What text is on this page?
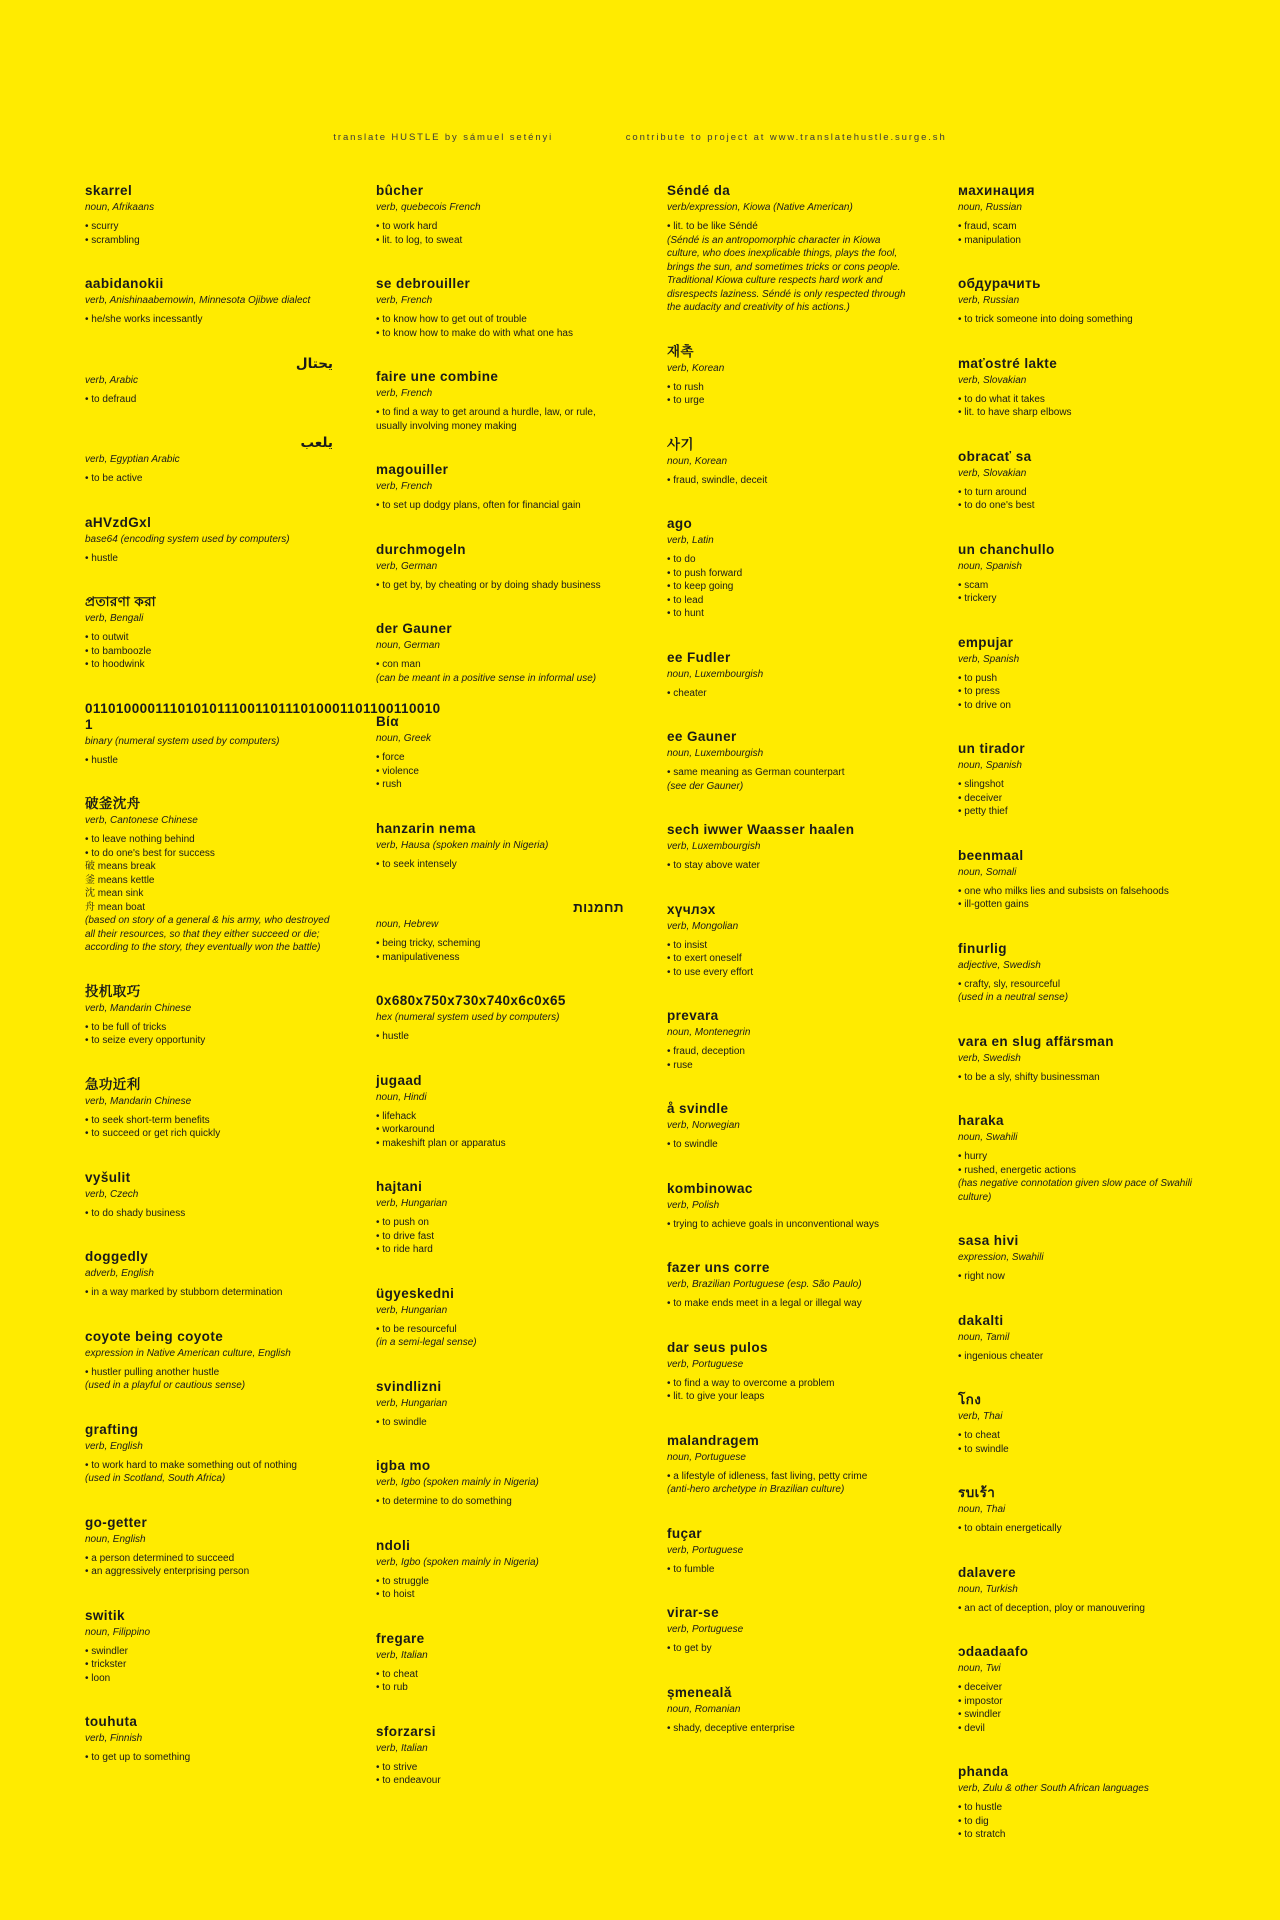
translate HUSTLE by sámuel setényi	contribute to project at www.translatehustle.surge.sh
skarrel
noun, Afrikaans
• scurry
• scrambling
aabidanokii
verb, Anishinaabemowin, Minnesota Ojibwe dialect
• he/she works incessantly
يحتال
verb, Arabic
• to defraud
يلعب
verb, Egyptian Arabic
• to be active
aHVzdGxl
base64 (encoding system used by computers)
• hustle
প্রতারণা করা
verb, Bengali
• to outwit
• to bamboozle
• to hoodwink
0110100001110101011100110111010001101100110010 1
binary (numeral system used by computers)
• hustle
破釜沈舟
verb, Cantonese Chinese
• to leave nothing behind
• to do one's best for success
破 means break
釜 means kettle
沈 mean sink
舟 mean boat
(based on story of a general & his army, who destroyed all their resources, so that they either succeed or die; according to the story, they eventually won the battle)
投机取巧
verb, Mandarin Chinese
• to be full of tricks
• to seize every opportunity
急功近利
verb, Mandarin Chinese
• to seek short-term benefits
• to succeed or get rich quickly
vyšulit
verb, Czech
• to do shady business
doggedly
adverb, English
• in a way marked by stubborn determination
coyote being coyote
expression in Native American culture, English
• hustler pulling another hustle
(used in a playful or cautious sense)
grafting
verb, English
• to work hard to make something out of nothing
(used in Scotland, South Africa)
go-getter
noun, English
• a person determined to succeed
• an aggressively enterprising person
switik
noun, Filippino
• swindler
• trickster
• loon
touhuta
verb, Finnish
• to get up to something
bûcher
verb, quebecois French
• to work hard
• lit. to log, to sweat
se debrouiller
verb, French
• to know how to get out of trouble
• to know how to make do with what one has
faire une combine
verb, French
• to find a way to get around a hurdle, law, or rule, usually involving money making
magouiller
verb, French
• to set up dodgy plans, often for financial gain
durchmogeln
verb, German
• to get by, by cheating or by doing shady business
der Gauner
noun, German
• con man
(can be meant in a positive sense in informal use)
Βία
noun, Greek
• force
• violence
• rush
hanzarin nema
verb, Hausa (spoken mainly in Nigeria)
• to seek intensely
תחמנות
noun, Hebrew
• being tricky, scheming
• manipulativeness
0x680x750x730x740x6c0x65
hex (numeral system used by computers)
• hustle
jugaad
noun, Hindi
• lifehack
• workaround
• makeshift plan or apparatus
hajtani
verb, Hungarian
• to push on
• to drive fast
• to ride hard
ügyeskedni
verb, Hungarian
• to be resourceful
(in a semi-legal sense)
svindlizni
verb, Hungarian
• to swindle
igba mo
verb, Igbo (spoken mainly in Nigeria)
• to determine to do something
ndoli
verb, Igbo (spoken mainly in Nigeria)
• to struggle
• to hoist
fregare
verb, Italian
• to cheat
• to rub
sforzarsi
verb, Italian
• to strive
• to endeavour
Séndé da
verb/expression, Kiowa (Native American)
• lit. to be like Séndé
(Séndé is an antropomorphic character in Kiowa culture, who does inexplicable things, plays the fool, brings the sun, and sometimes tricks or cons people. Traditional Kiowa culture respects hard work and disrespects laziness. Séndé is only respected through the audacity and creativity of his actions.)
재촉
verb, Korean
• to rush
• to urge
사기
noun, Korean
• fraud, swindle, deceit
ago
verb, Latin
• to do
• to push forward
• to keep going
• to lead
• to hunt
ee Fudler
noun, Luxembourgish
• cheater
ee Gauner
noun, Luxembourgish
• same meaning as German counterpart
(see der Gauner)
sech iwwer Waasser haalen
verb, Luxembourgish
• to stay above water
хүчлэх
verb, Mongolian
• to insist
• to exert oneself
• to use every effort
prevara
noun, Montenegrin
• fraud, deception
• ruse
å svindle
verb, Norwegian
• to swindle
kombinowac
verb, Polish
• trying to achieve goals in unconventional ways
fazer uns corre
verb, Brazilian Portuguese (esp. São Paulo)
• to make ends meet in a legal or illegal way
dar seus pulos
verb, Portuguese
• to find a way to overcome a problem
• lit. to give your leaps
malandragem
noun, Portuguese
• a lifestyle of idleness, fast living, petty crime
(anti-hero archetype in Brazilian culture)
fuçar
verb, Portuguese
• to fumble
virar-se
verb, Portuguese
• to get by
șmenealǎ
noun, Romanian
• shady, deceptive enterprise
махинация
noun, Russian
• fraud, scam
• manipulation
обдурачить
verb, Russian
• to trick someone into doing something
maťostré lakte
verb, Slovakian
• to do what it takes
• lit. to have sharp elbows
obracať sa
verb, Slovakian
• to turn around
• to do one's best
un chanchullo
noun, Spanish
• scam
• trickery
empujar
verb, Spanish
• to push
• to press
• to drive on
un tirador
noun, Spanish
• slingshot
• deceiver
• petty thief
beenmaal
noun, Somali
• one who milks lies and subsists on falsehoods
• ill-gotten gains
finurlig
adjective, Swedish
• crafty, sly, resourceful
(used in a neutral sense)
vara en slug affärsman
verb, Swedish
• to be a sly, shifty businessman
haraka
noun, Swahili
• hurry
• rushed, energetic actions
(has negative connotation given slow pace of Swahili culture)
sasa hivi
expression, Swahili
• right now
dakalti
noun, Tamil
• ingenious cheater
โกง
verb, Thai
• to cheat
• to swindle
รบเร้า
noun, Thai
• to obtain energetically
dalavere
noun, Turkish
• an act of deception, ploy or manouvering
ɔdaadaafo
noun, Twi
• deceiver
• impostor
• swindler
• devil
phanda
verb, Zulu & other South African languages
• to hustle
• to dig
• to stratch
